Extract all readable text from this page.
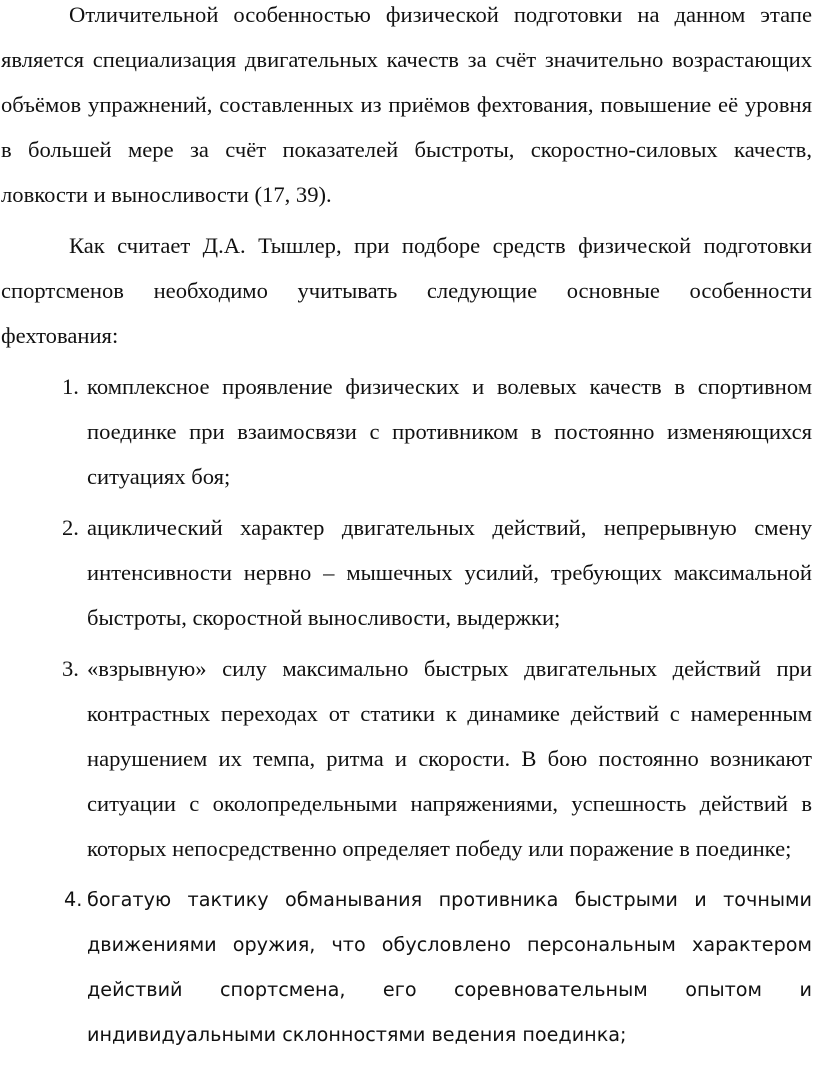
Отличительной особенностью физической подготовки на данном этапе является специализация двигательных качеств за счёт значительно возрастающих объёмов упражнений, составленных из приёмов фехтования, повышение её уровня в большей мере за счёт показателей быстроты, скоростно-силовых качеств, ловкости и выносливости (17, 39).

Как считает Д.А. Тышлер, при подборе средств физической подготовки спортсменов необходимо учитывать следующие основные особенности фехтования:

1. комплексное проявление физических и волевых качеств в спортивном поединке при взаимосвязи с противником в постоянно изменяющихся ситуациях боя;

2. ациклический характер двигательных действий, непрерывную смену интенсивности нервно – мышечных усилий, требующих максимальной быстроты, скоростной выносливости, выдержки;

3. «взрывную» силу максимально быстрых двигательных действий при контрастных переходах от статики к динамике действий с намеренным нарушением их темпа, ритма и скорости. В бою постоянно возникают ситуации с околопредельными напряжениями, успешность действий в которых непосредственно определяет победу или поражение в поединке;

4. богатую тактику обманывания противника быстрыми и точными движениями оружия, что обусловлено персональным характером действий спортсмена, его соревновательным опытом и индивидуальными склонностями ведения поединка;
